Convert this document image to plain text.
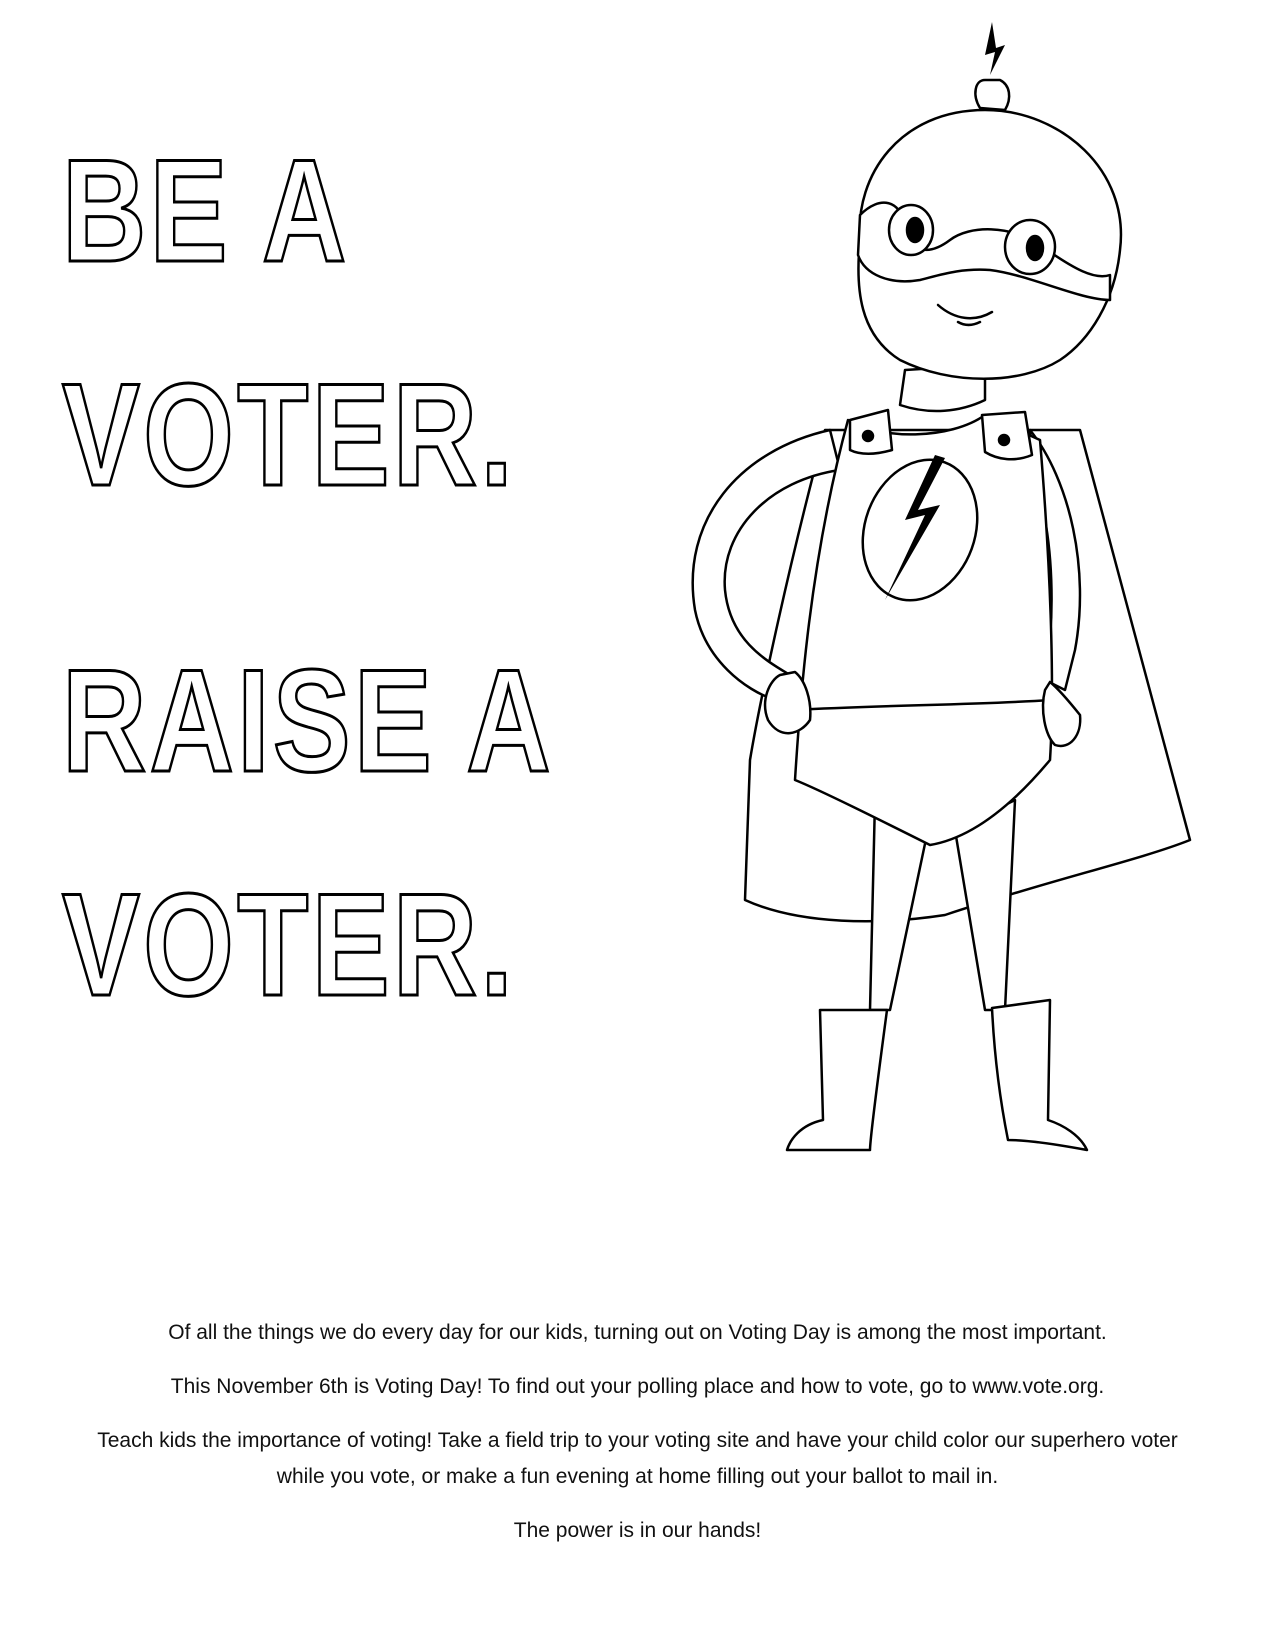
BE A
VOTER.
RAISE A
VOTER.

Of all the things we do every day for our kids, turning out on Voting Day is among the most important.

This November 6th is Voting Day! To find out your polling place and how to vote, go to www.vote.org.

Teach kids the importance of voting! Take a field trip to your voting site and have your child color our superhero voter while you vote, or make a fun evening at home filling out your ballot to mail in.

The power is in our hands!
